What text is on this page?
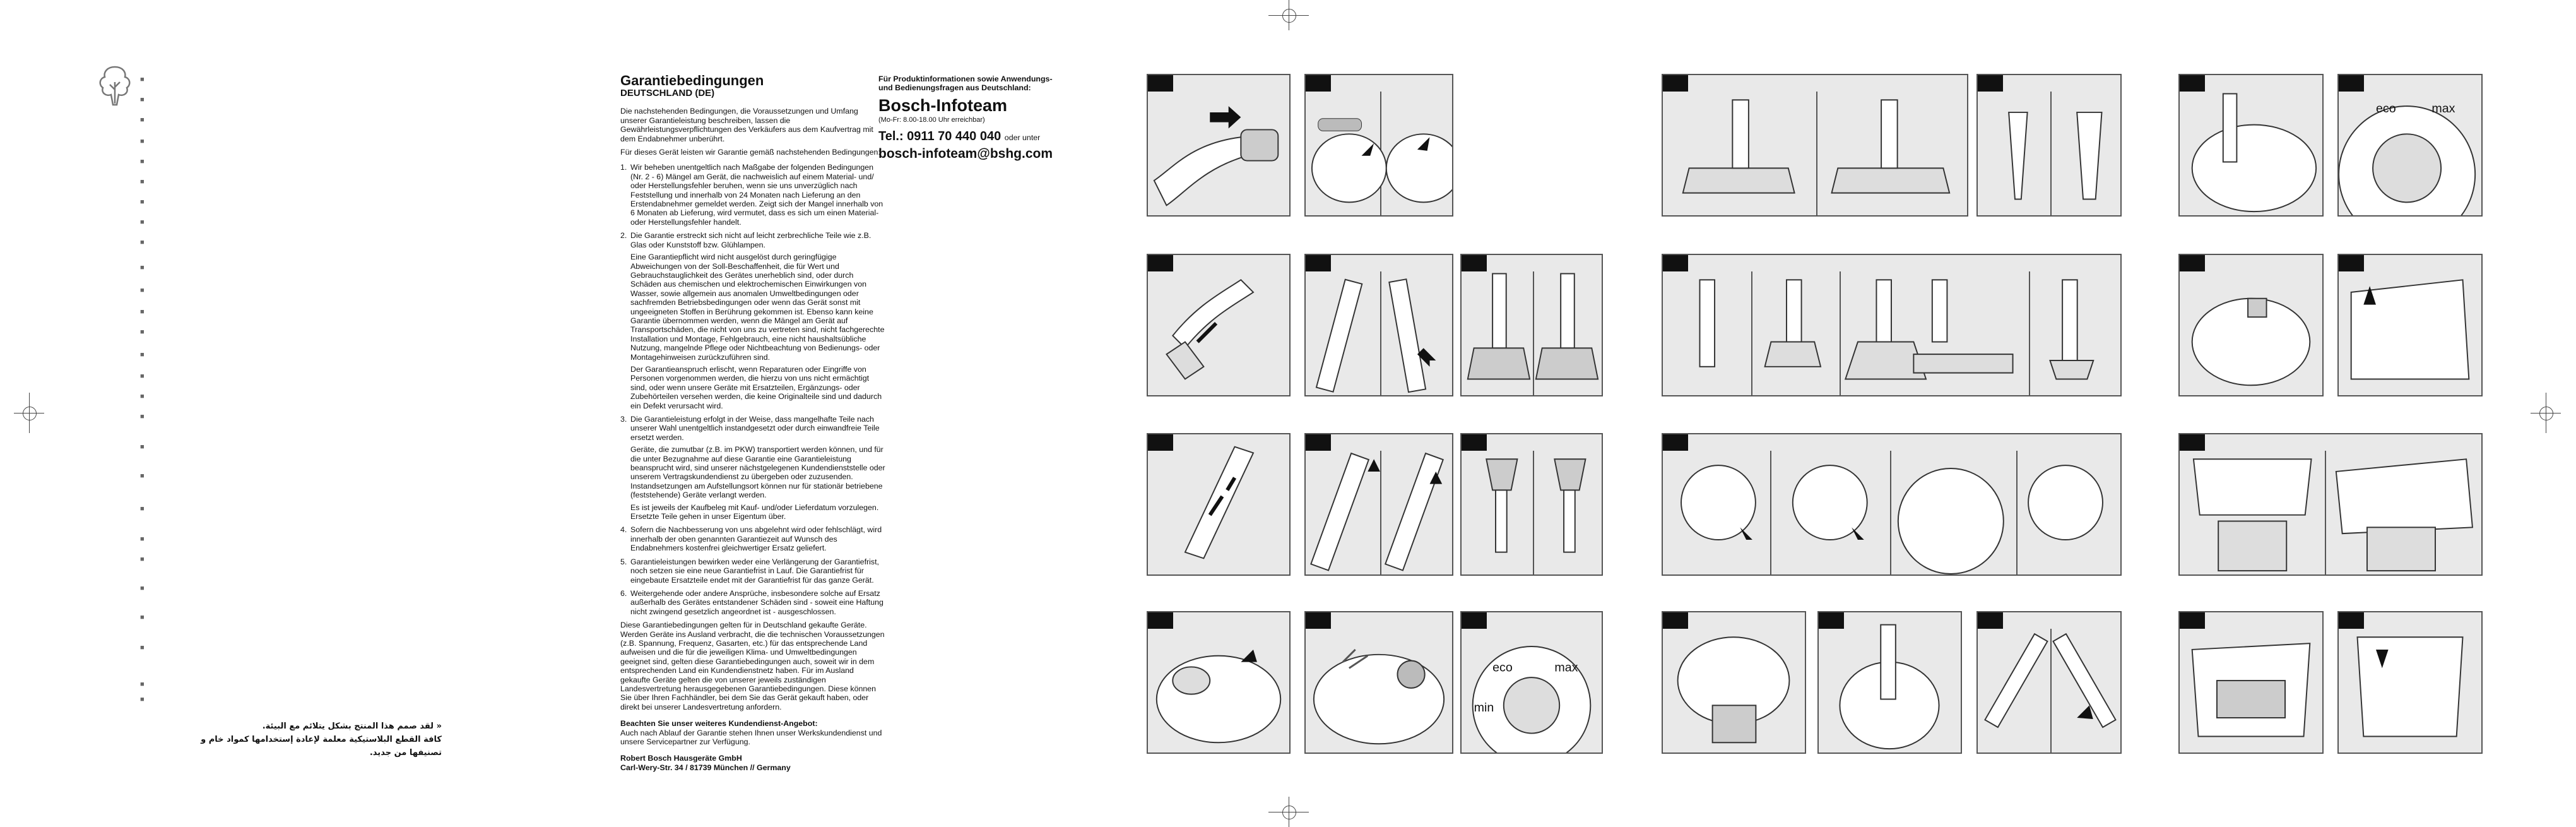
■
■
■
■
■
■
■
■
■
■
■
■
■
■
■
■
■
■
■
■
■
■
■
■
■
■
■
Garantiebedingungen
DEUTSCHLAND (DE)

Die nachstehenden Bedingungen, die Voraussetzungen und Umfang unserer Garantieleistung beschreiben, lassen die Gewährleistungsverpflichtungen des Verkäufers aus dem Kaufvertrag mit dem Endabnehmer unberührt.

Für dieses Gerät leisten wir Garantie gemäß nachstehenden Bedingungen:

1. Wir beheben unentgeltlich nach Maßgabe der folgenden Bedingungen (Nr. 2 - 6) Mängel am Gerät, die nachweislich auf einem Material- und/ oder Herstellungsfehler beruhen, wenn sie uns unverzüglich nach Feststellung und innerhalb von 24 Monaten nach Lieferung an den Erstendabnehmer gemeldet werden. Zeigt sich der Mangel innerhalb von 6 Monaten ab Lieferung, wird vermutet, dass es sich um einen Material- oder Herstellungsfehler handelt.

2. Die Garantie erstreckt sich nicht auf leicht zerbrechliche Teile wie z.B. Glas oder Kunststoff bzw. Glühlampen.

Eine Garantiepflicht wird nicht ausgelöst durch geringfügige Abweichungen von der Soll-Beschaffenheit, die für Wert und Gebrauchstauglichkeit des Gerätes unerheblich sind, oder durch Schäden aus chemischen und elektrochemischen Einwirkungen von Wasser, sowie allgemein aus anomalen Umweltbedingungen oder sachfremden Betriebsbedingungen oder wenn das Gerät sonst mit ungeeigneten Stoffen in Berührung gekommen ist. Ebenso kann keine Garantie übernommen werden, wenn die Mängel am Gerät auf Transportschäden, die nicht von uns zu vertreten sind, nicht fachgerechte Installation und Montage, Fehlgebrauch, eine nicht haushaltsübliche Nutzung, mangelnde Pflege oder Nichtbeachtung von Bedienungs- oder Montagehinweisen zurückzuführen sind.

Der Garantieanspruch erlischt, wenn Reparaturen oder Eingriffe von Personen vorgenommen werden, die hierzu von uns nicht ermächtigt sind, oder wenn unsere Geräte mit Ersatzteilen, Ergänzungs- oder Zubehörteilen versehen werden, die keine Originalteile sind und dadurch ein Defekt verursacht wird.

3. Die Garantieleistung erfolgt in der Weise, dass mangelhafte Teile nach unserer Wahl unentgeltlich instandgesetzt oder durch einwandfreie Teile ersetzt werden.

Geräte, die zumutbar (z.B. im PKW) transportiert werden können, und für die unter Bezugnahme auf diese Garantie eine Garantieleistung beansprucht wird, sind unserer nächstgelegenen Kundendienststelle oder unserem Vertragskundendienst zu übergeben oder zuzusenden. Instandsetzungen am Aufstellungsort können nur für stationär betriebene (feststehende) Geräte verlangt werden.

Es ist jeweils der Kaufbeleg mit Kauf- und/oder Lieferdatum vorzulegen. Ersetzte Teile gehen in unser Eigentum über.

4. Sofern die Nachbesserung von uns abgelehnt wird oder fehlschlägt, wird innerhalb der oben genannten Garantiezeit auf Wunsch des Endabnehmers kostenfrei gleichwertiger Ersatz geliefert.

5. Garantieleistungen bewirken weder eine Verlängerung der Garantiefrist, noch setzen sie eine neue Garantiefrist in Lauf. Die Garantiefrist für eingebaute Ersatzteile endet mit der Garantiefrist für das ganze Gerät.

6. Weitergehende oder andere Ansprüche, insbesondere solche auf Ersatz außerhalb des Gerätes entstandener Schäden sind - soweit eine Haftung nicht zwingend gesetzlich angeordnet ist - ausgeschlossen.

Diese Garantiebedingungen gelten für in Deutschland gekaufte Geräte. Werden Geräte ins Ausland verbracht, die die technischen Voraussetzungen (z.B. Spannung, Frequenz, Gasarten, etc.) für das entsprechende Land aufweisen und die für die jeweiligen Klima- und Umweltbedingungen geeignet sind, gelten diese Garantiebedingungen auch, soweit wir in dem entsprechenden Land ein Kundendienstnetz haben. Für im Ausland gekaufte Geräte gelten die von unserer jeweils zuständigen Landesvertretung herausgegebenen Garantiebedingungen. Diese können Sie über Ihren Fachhändler, bei dem Sie das Gerät gekauft haben, oder direkt bei unserer Landesvertretung anfordern.

Beachten Sie unser weiteres Kundendienst-Angebot:

Auch nach Ablauf der Garantie stehen Ihnen unser Werkskundendienst und unsere Servicepartner zur Verfügung.

Robert Bosch Hausgeräte GmbH

Carl-Wery-Str. 34 / 81739 München // Germany

Für Produktinformationen sowie Anwendungs-
und Bedienungsfragen aus Deutschland:
Bosch-Infoteam
(Mo-Fr: 8.00-18.00 Uhr erreichbar)
Tel.: 0911 70 440 040 oder unter
bosch-infoteam@bshg.com
« لقد صمم هذا المنتج بشكل يتلائم مع البيئة.
كافة القطع البلاستيكية معلمة لإعادة إستخدامها كمواد خام و
تصنيفها من جديد.
eco	max
min
eco	max
